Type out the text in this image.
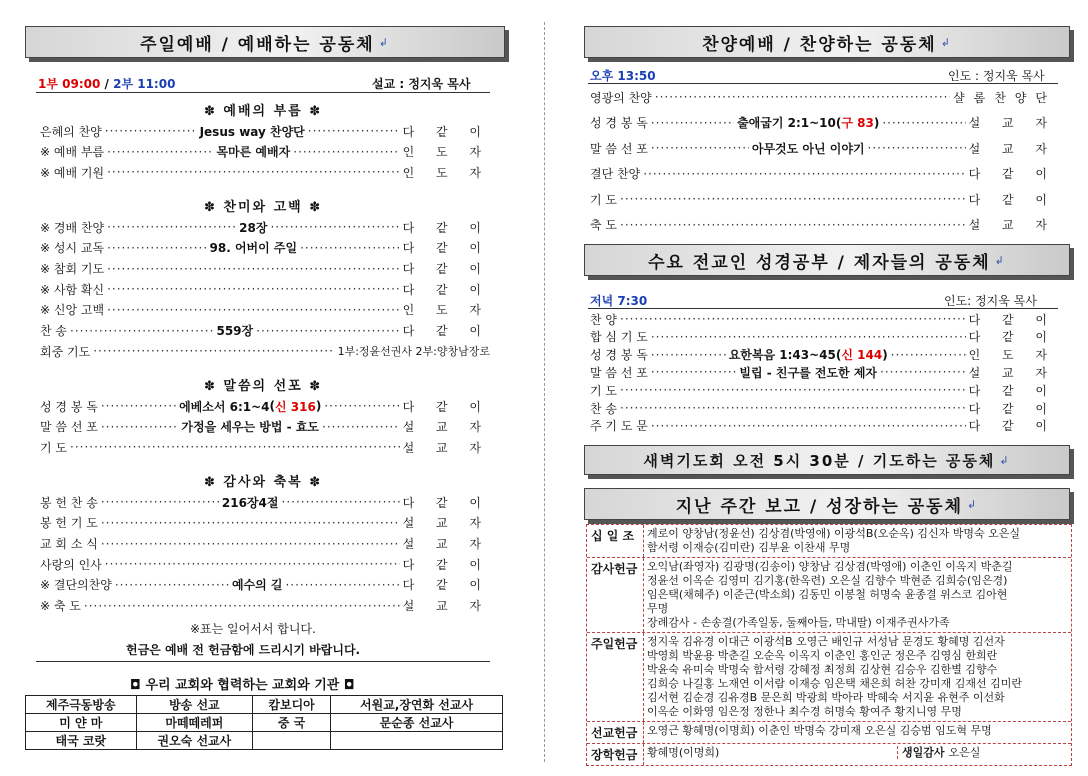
주일예배 / 예배하는 공동체 ↲
1부 09:00 / 2부 11:00	설교 : 정지욱 목사
✽ 예배의 부름 ✽
은혜의 찬양 ·····	Jesus way 찬양단 ·····	다 같 이
※ 예배 부름 ·····	목마른 예배자 ·····	인 도 자
※ 예배 기원 ·····	인 도 자
✽ 찬미와 고백 ✽
※ 경배 찬양 ·····	28장 ·····	다 같 이
※ 성시 교독 ·····	98. 어버이 주일 ·····	다 같 이
※ 참회 기도 ·····	다 같 이
※ 사함 확신 ·····	다 같 이
※ 신앙 고백 ·····	인 도 자
찬 송 ·····	559장 ·····	다 같 이
회중 기도 ·····	1부:정윤선권사 2부:양창남장로
✽ 말씀의 선포 ✽
성 경 봉 독 ·····	에베소서 6:1~4 ( 신 316 ) ·····	다 같 이
말 씀 선 포 ·····	가정을 세우는 방법 - 효도 ·····	설 교 자
기 도 ·····	설 교 자
✽ 감사와 축복 ✽
봉 헌 찬 송 ·····	216장4절 ·····	다 같 이
봉 헌 기 도 ·····	설 교 자
교 회 소 식 ·····	설 교 자
사랑의 인사 ·····	다 같 이
※ 결단의찬양 ·····	예수의 길 ·····	다 같 이
※ 축 도 ·····	설 교 자
※표는 일어서서 합니다.
헌금은 예배 전 헌금함에 드리시기 바랍니다.
◘ 우리 교회와 협력하는 교회와 기관 ◘
제주극동방송	방송 선교	캄보디아	서원교,장연화 선교사
미 얀 마	마떼떼레퍼	중 국	문순종 선교사
태국 코랏	권오숙 선교사		
찬양예배 / 찬양하는 공동체 ↲
오후 13:50	인도 : 정지욱 목사
영광의 찬양 ·····	샬롬찬양단
성 경 봉 독 ·····	출애굽기 2:1~10 ( 구 83 ) ·····	설 교 자
말 씀 선 포 ·····	아무것도 아닌 이야기 ·····	설 교 자
결단 찬양 ·····	다 같 이
기 도 ·····	다 같 이
축 도 ·····	설 교 자
수요 전교인 성경공부 / 제자들의 공동체 ↲
저녁 7:30	인도: 정지욱 목사
찬 양 ·····	다 같 이
합 심 기 도 ·····	다 같 이
성 경 봉 독 ·····	요한복음 1:43~45 ( 신 144 ) ·····	인 도 자
말 씀 선 포 ·····	빌립 - 친구를 전도한 제자 ·····	설 교 자
기 도 ·····	다 같 이
찬 송 ·····	다 같 이
주 기 도 문 ·····	다 같 이
새벽기도회 오전 5시 30분 / 기도하는 공동체 ↲
지난 주간 보고 / 성장하는 공동체 ↲
십 일 조	계로이 양창남(정윤선) 김상겸(박영애) 이광석B(오순옥) 김신자 박명숙 오은실
함서령 이재승(김미란) 김부윤 이찬새 무명
감사헌금 오익남(좌영자) 김광명(김송이) 양창남 김상겸(박영애) 이춘인 이옥지 박춘길
정윤선 이옥순 김영미 김기홍(한옥련) 오은실 김향수 박현준 김희승(임은경)
임은택(채혜주) 이준근(박소희) 김동민 이봉철 허명숙 윤종결 위스코 김아현
무명
장례감사 - 손송결(가족일동, 둘째아들, 막내딸) 이재주권사가족
주일헌금 정지욱 김유경 이대근 이광석B 오영근 배인규 서성남 문경도 황혜명 김선자
박영희 박윤용 박춘길 오순옥 이옥지 이춘인 홍인군 정은주 김영심 한희란
박윤숙 유미숙 박명숙 함서령 강혜정 최정희 김상현 김승우 김한별 김향수
김희승 나길홍 노재연 이서람 이재승 임은택 채은희 허찬 강미재 김재선 김미란
김서현 김순경 김유경B 문은희 박광희 박아라 박혜숙 서지윤 유현주 이선화
이옥순 이화영 임은정 정한나 최수경 허명숙 황여주 황지니영 무명
선교헌금 오영근 황혜명(이명희) 이춘인 박명숙 강미재 오은실 김승범 임도혁 무명
장학헌금 황혜명(이명희)	생일감사 오은실
